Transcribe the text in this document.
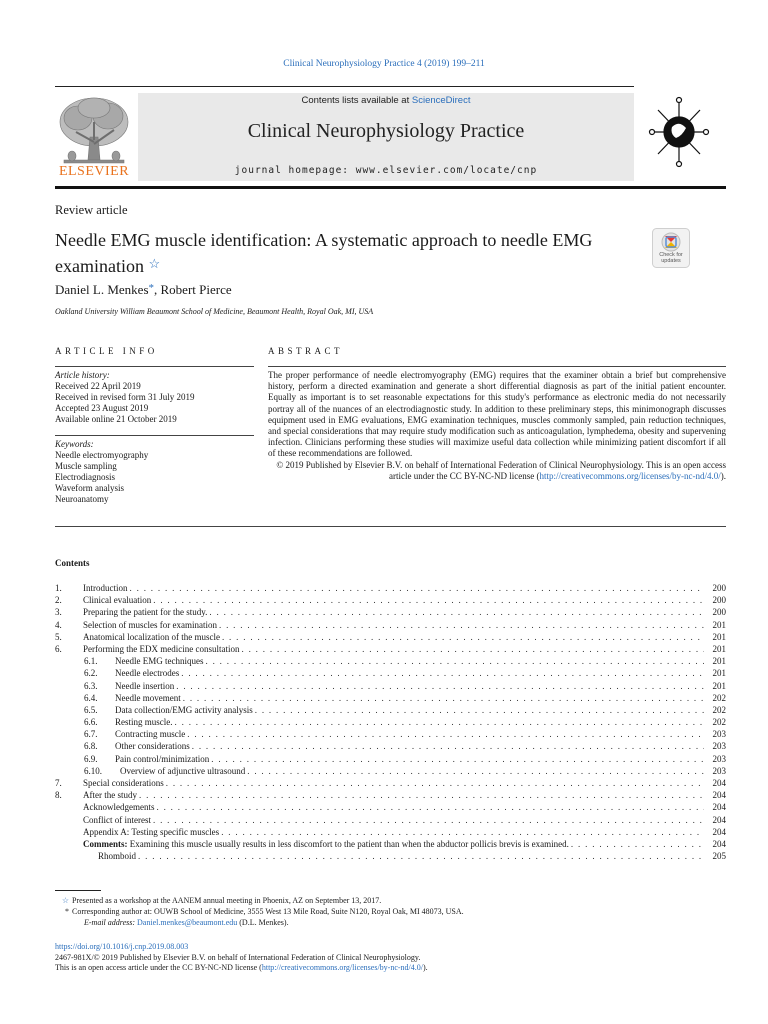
Clinical Neurophysiology Practice 4 (2019) 199–211
ELSEVIER
Contents lists available at ScienceDirect
Clinical Neurophysiology Practice
journal homepage: www.elsevier.com/locate/cnp
Review article
Needle EMG muscle identification: A systematic approach to needle EMG examination ☆
Check for updates
Daniel L. Menkes*, Robert Pierce
Oakland University William Beaumont School of Medicine, Beaumont Health, Royal Oak, MI, USA
ARTICLE INFO	ABSTRACT
Article history:
Received 22 April 2019
Received in revised form 31 July 2019
Accepted 23 August 2019
Available online 21 October 2019
Keywords:
Needle electromyography
Muscle sampling
Electrodiagnosis
Waveform analysis
Neuroanatomy
The proper performance of needle electromyography (EMG) requires that the examiner obtain a brief but comprehensive history, perform a directed examination and generate a short differential diagnosis as part of the initial patient encounter. Equally as important is to set reasonable expectations for this study's performance as electronic media do not necessarily portray all of the nuances of an electrodiagnostic study. In addition to these preliminary steps, this minimonograph discusses equipment used in EMG evaluations, EMG examination techniques, muscles commonly sampled, pain reduction techniques, and special considerations that may require study modification such as anticoagulation, lymphedema, obesity and supervening infection. Clinicians performing these studies will maximize useful data collection while minimizing patient discomfort if all of these recommendations are followed.
© 2019 Published by Elsevier B.V. on behalf of International Federation of Clinical Neurophysiology. This is an open access article under the CC BY-NC-ND license (http://creativecommons.org/licenses/by-nc-nd/4.0/).
Contents
1.	Introduction . . .	200
2.	Clinical evaluation . . .	200
3.	Preparing the patient for the study. . . .	200
4.	Selection of muscles for examination . . .	201
5.	Anatomical localization of the muscle . . .	201
6.	Performing the EDX medicine consultation . . .	201
6.1.	Needle EMG techniques . . .	201
6.2.	Needle electrodes . . .	201
6.3.	Needle insertion . . .	201
6.4.	Needle movement . . .	202
6.5.	Data collection/EMG activity analysis . . .	202
6.6.	Resting muscle. . . .	202
6.7.	Contracting muscle . . .	203
6.8.	Other considerations . . .	203
6.9.	Pain control/minimization . . .	203
6.10.	Overview of adjunctive ultrasound . . .	203
7.	Special considerations . . .	204
8.	After the study . . .	204
Acknowledgements . . .	204
Conflict of interest . . .	204
Appendix A: Testing specific muscles . . .	204
Comments: Examining this muscle usually results in less discomfort to the patient than when the abductor pollicis brevis is examined. . . .	204
Rhomboid . . .	205
☆ Presented as a workshop at the AANEM annual meeting in Phoenix, AZ on September 13, 2017.
* Corresponding author at: OUWB School of Medicine, 3555 West 13 Mile Road, Suite N120, Royal Oak, MI 48073, USA.
E-mail address: Daniel.menkes@beaumont.edu (D.L. Menkes).
https://doi.org/10.1016/j.cnp.2019.08.003
2467-981X/© 2019 Published by Elsevier B.V. on behalf of International Federation of Clinical Neurophysiology.
This is an open access article under the CC BY-NC-ND license (http://creativecommons.org/licenses/by-nc-nd/4.0/).
